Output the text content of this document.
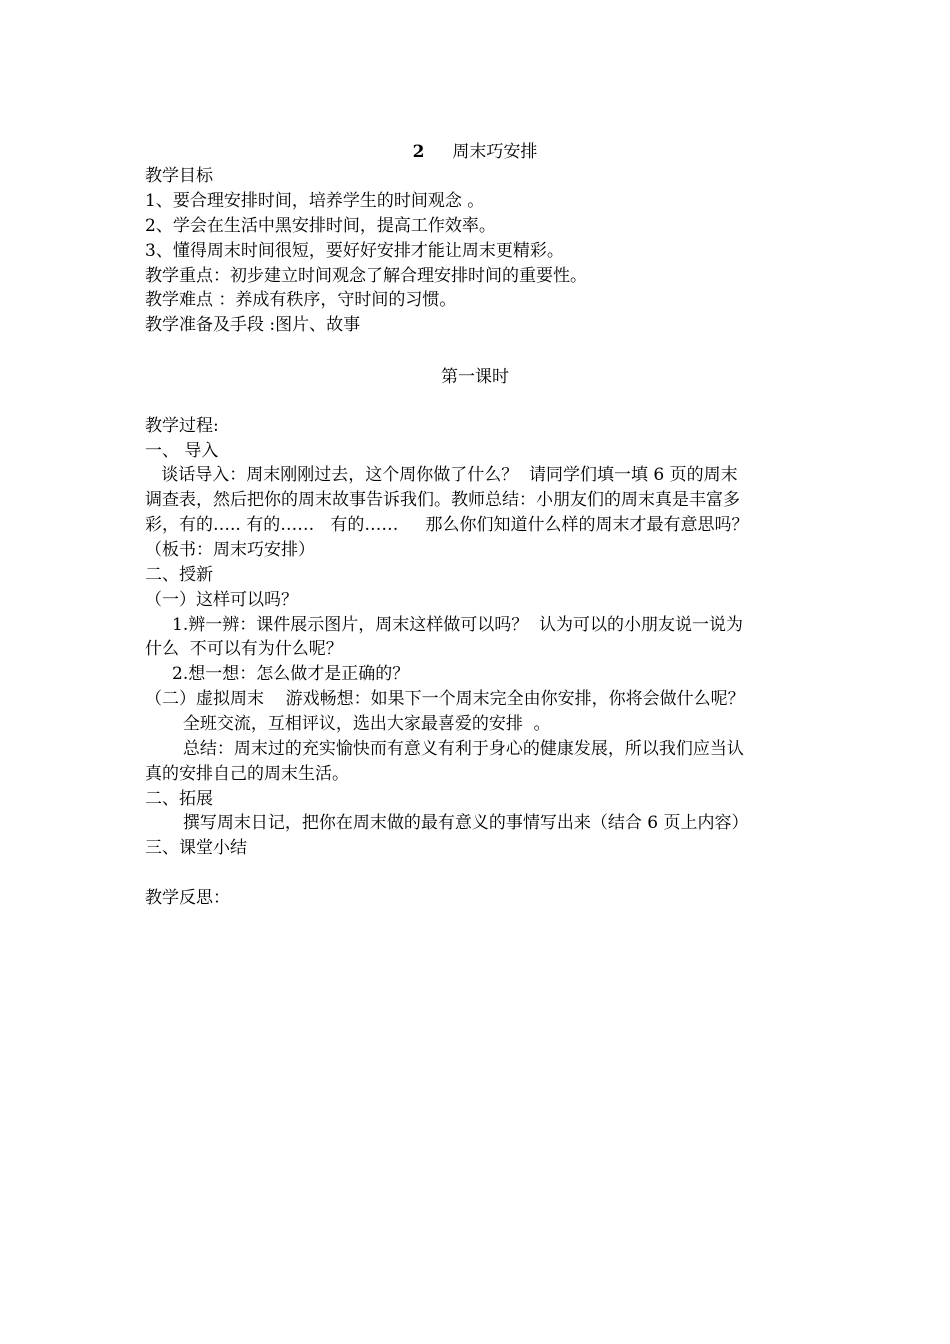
2 周末巧安排

教学目标

1、要合理安排时间，培养学生的时间观念 。

2、学会在生活中黑安排时间，提高工作效率。

3、懂得周末时间很短，要好好安排才能让周末更精彩。

教学重点：初步建立时间观念了解合理安排时间的重要性。

教学难点 ：养成有秩序，守时间的习惯。

教学准备及手段 :图片、故事

第一课时

教学过程:

一、 导入

谈话导入：周末刚刚过去，这个周你做了什么？  请同学们填一填 6 页的周末

调查表，然后把你的周末故事告诉我们。教师总结：小朋友们的周末真是丰富多

彩，有的….. 有的……   有的……     那么你们知道什么样的周末才最有意思吗？

（板书：周末巧安排）

二、授新

（一）这样可以吗？

1.辨一辨：课件展示图片，周末这样做可以吗？  认为可以的小朋友说一说为

什么  不可以有为什么呢？

2.想一想：怎么做才是正确的？

（二）虚拟周末    游戏畅想：如果下一个周末完全由你安排，你将会做什么呢？

全班交流，互相评议，选出大家最喜爱的安排  。

总结：周末过的充实愉快而有意义有利于身心的健康发展，所以我们应当认

真的安排自己的周末生活。

二、拓展

撰写周末日记，把你在周末做的最有意义的事情写出来（结合 6 页上内容）

三、课堂小结

教学反思：
